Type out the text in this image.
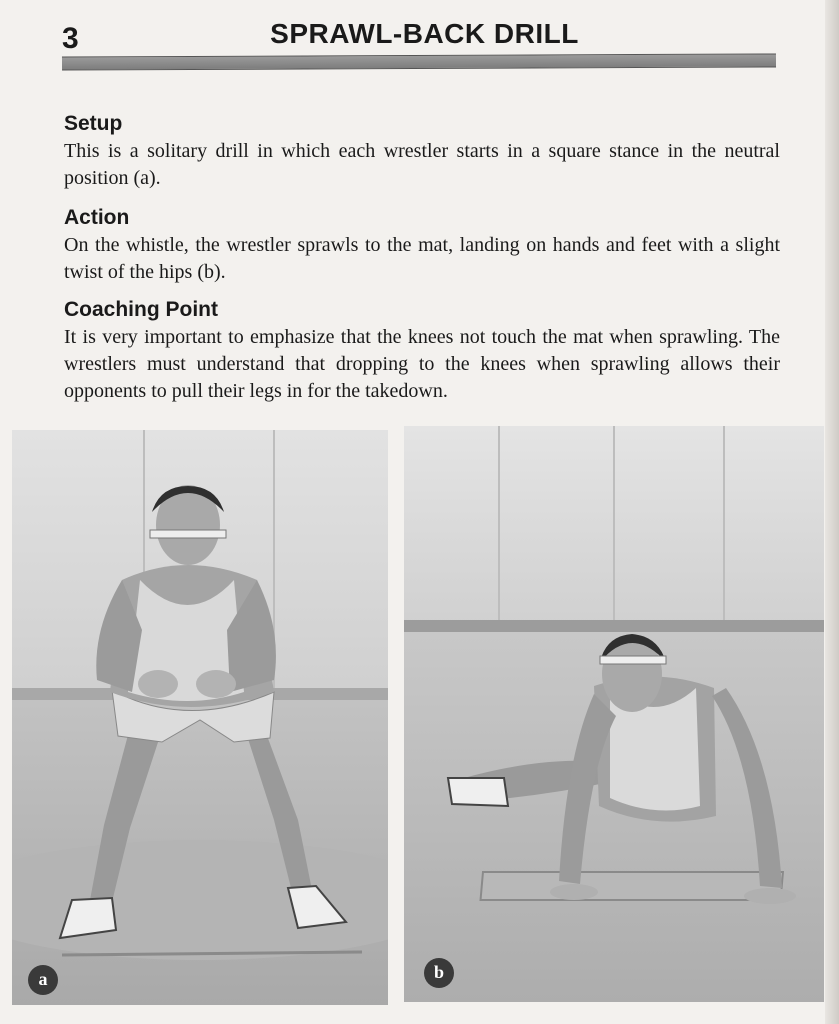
3	SPRAWL-BACK DRILL
Setup

This is a solitary drill in which each wrestler starts in a square stance in the neutral position (a).

Action

On the whistle, the wrestler sprawls to the mat, landing on hands and feet with a slight twist of the hips (b).

Coaching Point

It is very important to emphasize that the knees not touch the mat when sprawling. The wrestlers must understand that dropping to the knees when sprawling allows their opponents to pull their legs in for the takedown.

a	b
